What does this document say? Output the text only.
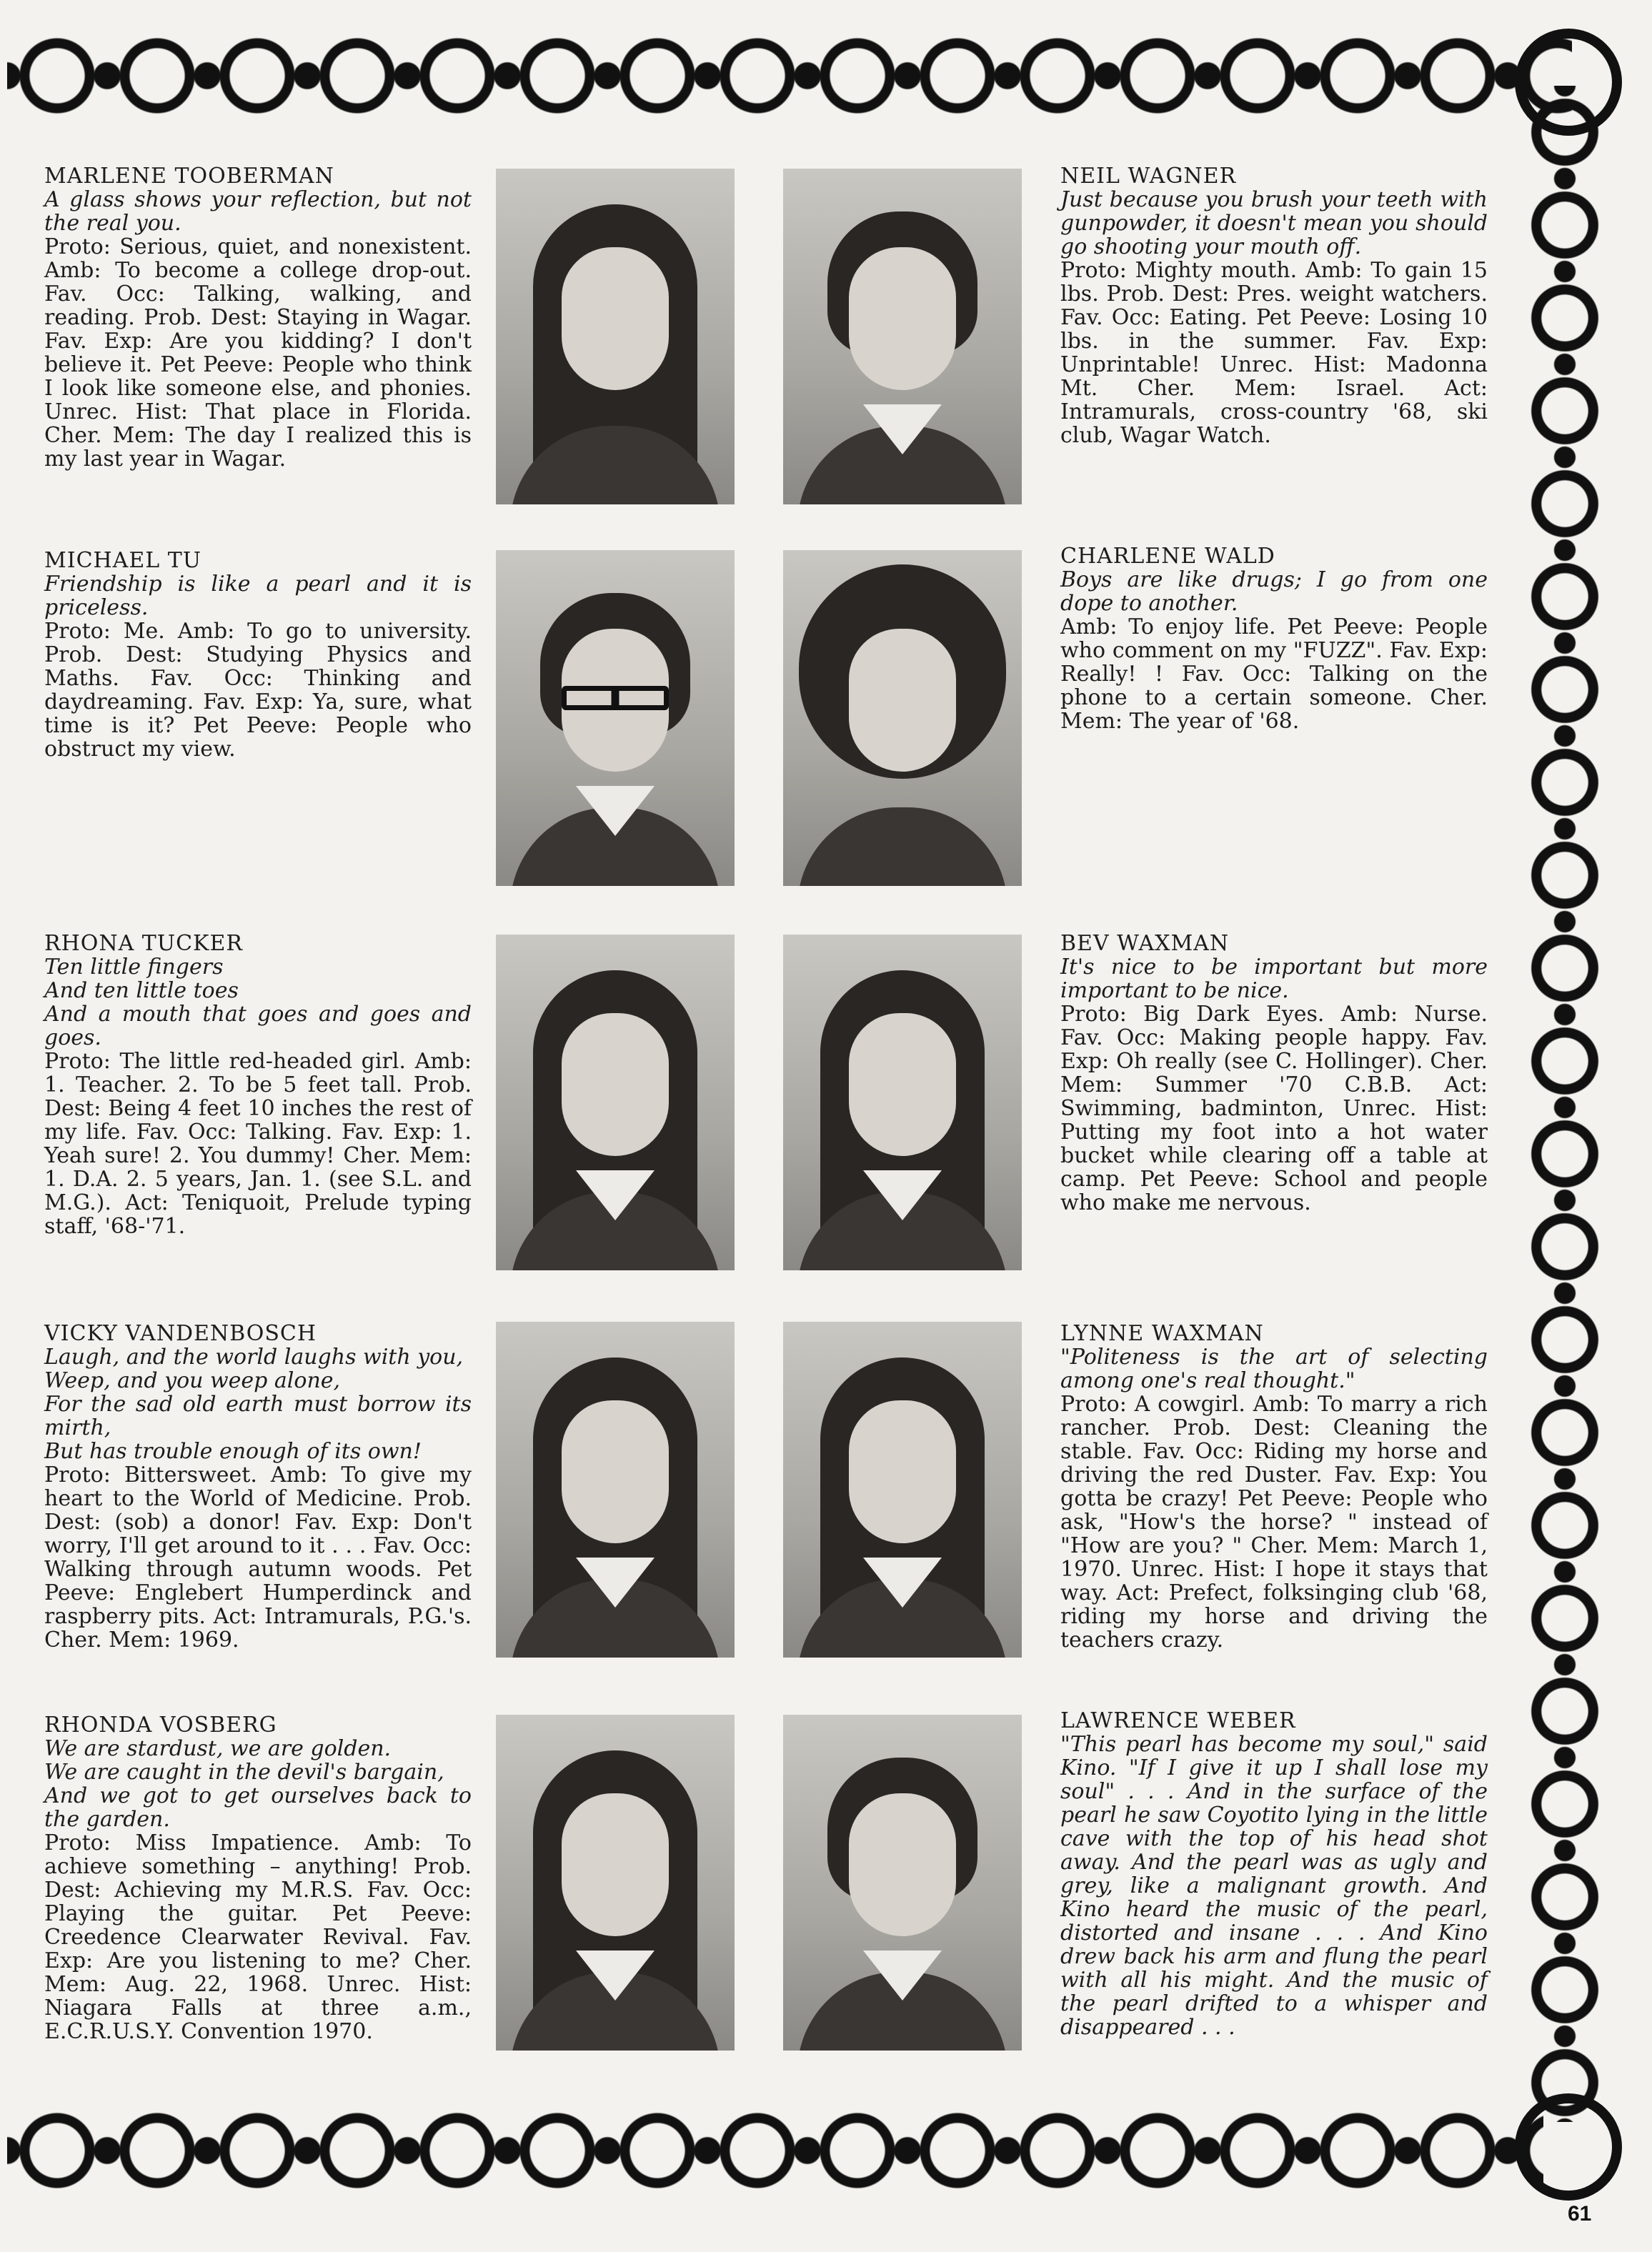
MARLENE TOOBERMAN
A glass shows your reflection, but not the real you.
Proto: Serious, quiet, and nonexistent. Amb: To become a college drop-out. Fav. Occ: Talking, walking, and reading. Prob. Dest: Staying in Wagar. Fav. Exp: Are you kidding? I don't believe it. Pet Peeve: People who think I look like someone else, and phonies. Unrec. Hist: That place in Florida. Cher. Mem: The day I realized this is my last year in Wagar.
NEIL WAGNER
Just because you brush your teeth with gunpowder, it doesn't mean you should go shooting your mouth off.
Proto: Mighty mouth. Amb: To gain 15 lbs. Prob. Dest: Pres. weight watchers. Fav. Occ: Eating. Pet Peeve: Losing 10 lbs. in the summer. Fav. Exp: Unprintable! Unrec. Hist: Madonna Mt. Cher. Mem: Israel. Act: Intramurals, cross-country '68, ski club, Wagar Watch.
MICHAEL TU
Friendship is like a pearl and it is priceless.
Proto: Me. Amb: To go to university. Prob. Dest: Studying Physics and Maths. Fav. Occ: Thinking and daydreaming. Fav. Exp: Ya, sure, what time is it? Pet Peeve: People who obstruct my view.
CHARLENE WALD
Boys are like drugs; I go from one dope to another.
Amb: To enjoy life. Pet Peeve: People who comment on my "FUZZ". Fav. Exp: Really! ! Fav. Occ: Talking on the phone to a certain someone. Cher. Mem: The year of '68.
RHONA TUCKER
Ten little fingers
And ten little toes
And a mouth that goes and goes and goes.
Proto: The little red-headed girl. Amb: 1. Teacher. 2. To be 5 feet tall. Prob. Dest: Being 4 feet 10 inches the rest of my life. Fav. Occ: Talking. Fav. Exp: 1. Yeah sure! 2. You dummy! Cher. Mem: 1. D.A. 2. 5 years, Jan. 1. (see S.L. and M.G.). Act: Teniquoit, Prelude typing staff, '68-'71.
BEV WAXMAN
It's nice to be important but more important to be nice.
Proto: Big Dark Eyes. Amb: Nurse. Fav. Occ: Making people happy. Fav. Exp: Oh really (see C. Hollinger). Cher. Mem: Summer '70 C.B.B. Act: Swimming, badminton, Unrec. Hist: Putting my foot into a hot water bucket while clearing off a table at camp. Pet Peeve: School and people who make me nervous.
VICKY VANDENBOSCH
Laugh, and the world laughs with you,
Weep, and you weep alone,
For the sad old earth must borrow its mirth,
But has trouble enough of its own!
Proto: Bittersweet. Amb: To give my heart to the World of Medicine. Prob. Dest: (sob) a donor! Fav. Exp: Don't worry, I'll get around to it . . . Fav. Occ: Walking through autumn woods. Pet Peeve: Englebert Humperdinck and raspberry pits. Act: Intramurals, P.G.'s. Cher. Mem: 1969.
LYNNE WAXMAN
"Politeness is the art of selecting among one's real thought."
Proto: A cowgirl. Amb: To marry a rich rancher. Prob. Dest: Cleaning the stable. Fav. Occ: Riding my horse and driving the red Duster. Fav. Exp: You gotta be crazy! Pet Peeve: People who ask, "How's the horse? " instead of "How are you? " Cher. Mem: March 1, 1970. Unrec. Hist: I hope it stays that way. Act: Prefect, folksinging club '68, riding my horse and driving the teachers crazy.
RHONDA VOSBERG
We are stardust, we are golden.
We are caught in the devil's bargain,
And we got to get ourselves back to the garden.
Proto: Miss Impatience. Amb: To achieve something – anything! Prob. Dest: Achieving my M.R.S. Fav. Occ: Playing the guitar. Pet Peeve: Creedence Clearwater Revival. Fav. Exp: Are you listening to me? Cher. Mem: Aug. 22, 1968. Unrec. Hist: Niagara Falls at three a.m., E.C.R.U.S.Y. Convention 1970.
LAWRENCE WEBER
"This pearl has become my soul," said Kino. "If I give it up I shall lose my soul" . . . And in the surface of the pearl he saw Coyotito lying in the little cave with the top of his head shot away. And the pearl was as ugly and grey, like a malignant growth. And Kino heard the music of the pearl, distorted and insane . . . And Kino drew back his arm and flung the pearl with all his might. And the music of the pearl drifted to a whisper and disappeared . . .
61
